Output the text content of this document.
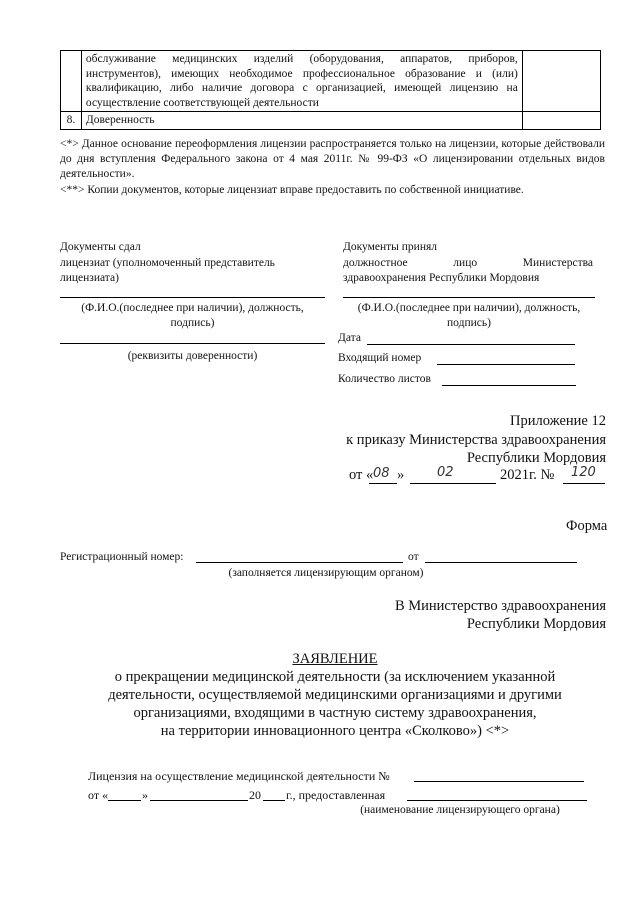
	обслуживание медицинских изделий (оборудования, аппаратов, приборов, инструментов), имеющих необходимое профессиональное образование и (или) квалификацию, либо наличие договора с организацией, имеющей лицензию на осуществление соответствующей деятельности	
8.	Доверенность	
<*> Данное основание переоформления лицензии распространяется только на лицензии, которые действовали до дня вступления Федерального закона от 4 мая 2011г. № 99-ФЗ «О лицензировании отдельных видов деятельности».
<**> Копии документов, которые лицензиат вправе предоставить по собственной инициативе.
Документы сдал
лицензиат (уполномоченный представитель лицензиата)
Документы принял
должностное лицо Министерства здравоохранения Республики Мордовия
(Ф.И.О.(последнее при наличии), должность, подпись)
(Ф.И.О.(последнее при наличии), должность, подпись)
(реквизиты доверенности)
Дата
Входящий номер
Количество листов
Приложение 12
к приказу Министерства здравоохранения
Республики Мордовия
от « 08 »	02	2021г. № 120
Форма
Регистрационный номер:	от
(заполняется лицензирующим органом)
В Министерство здравоохранения
Республики Мордовия
ЗАЯВЛЕНИЕ
о прекращении медицинской деятельности (за исключением указанной
деятельности, осуществляемой медицинскими организациями и другими
организациями, входящими в частную систему здравоохранения,
на территории инновационного центра «Сколково») <*>
Лицензия на осуществление медицинской деятельности №
от «	»	20 г., предоставленная
(наименование лицензирующего органа)
